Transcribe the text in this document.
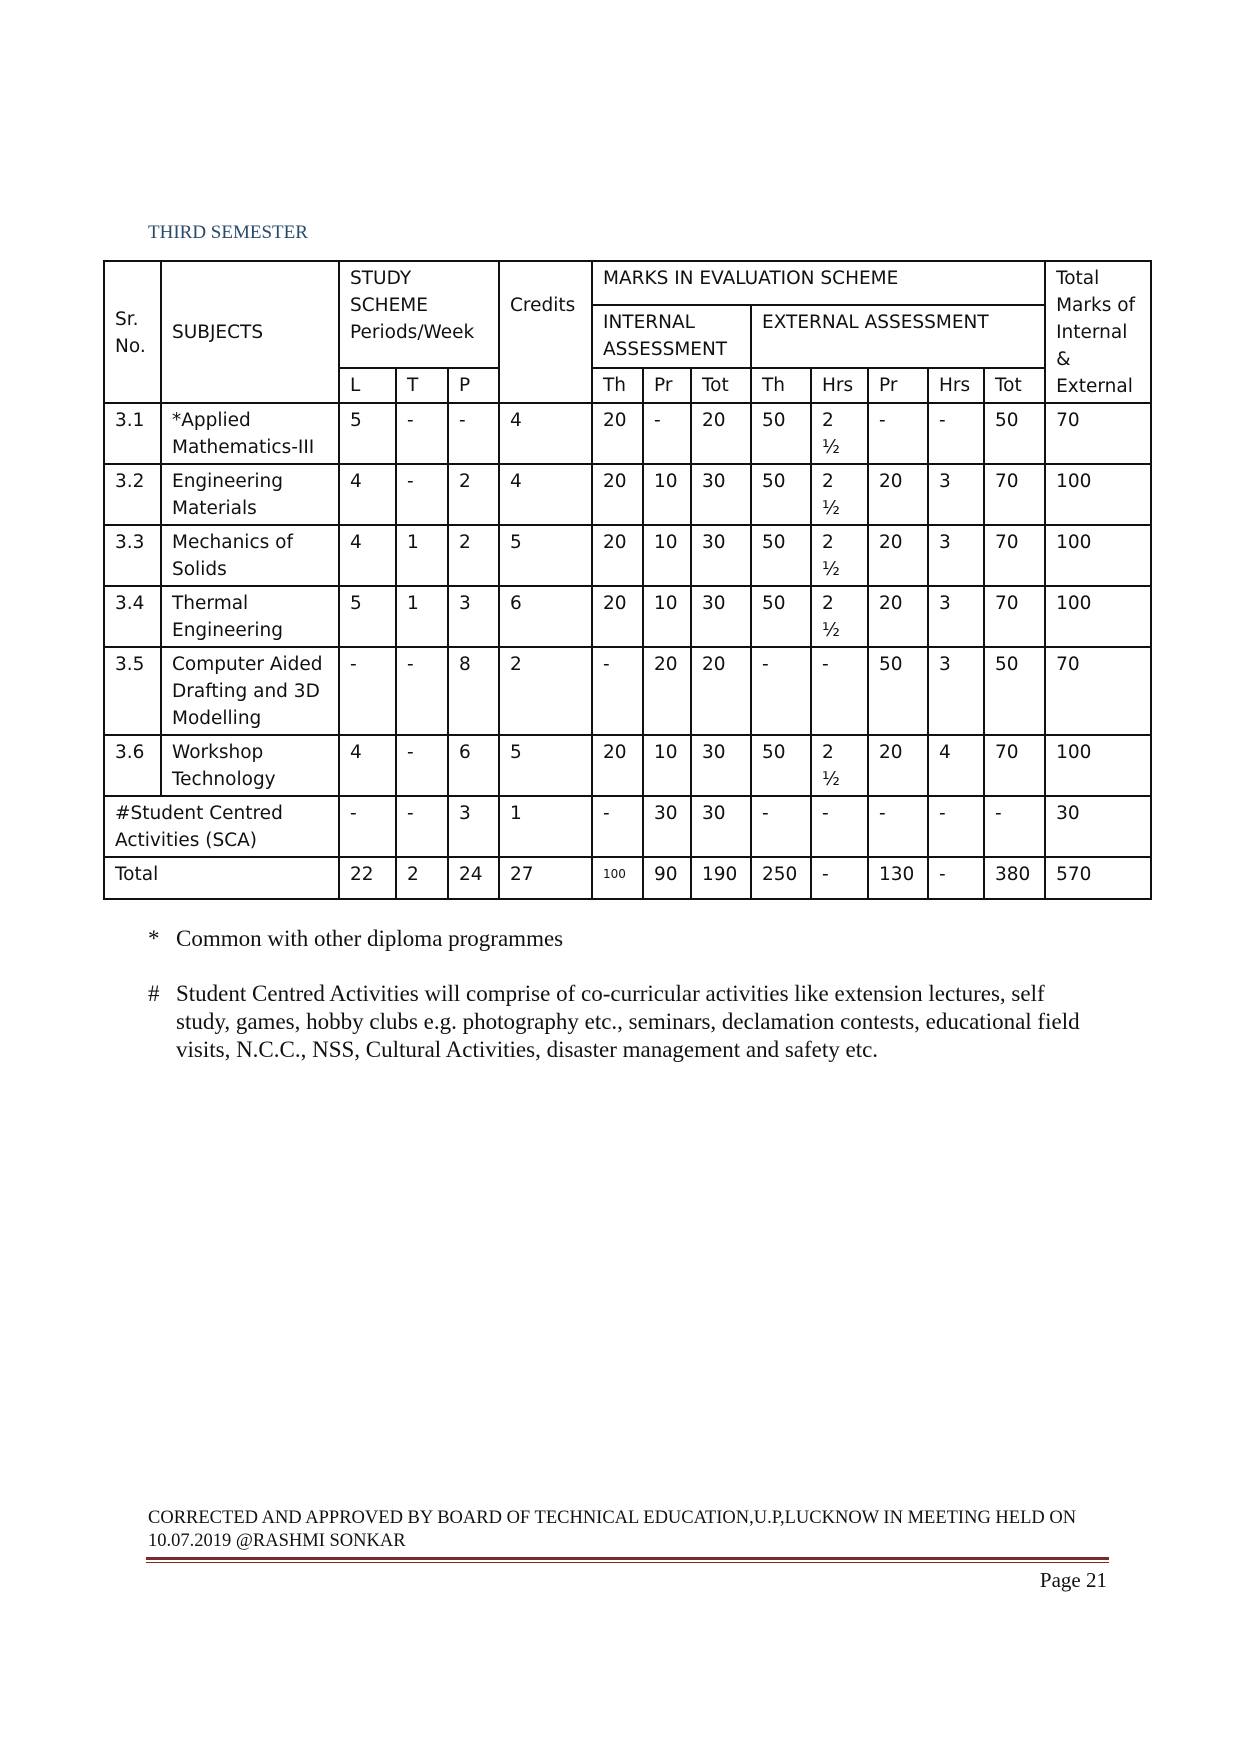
THIRD SEMESTER
Sr. No.	SUBJECTS	STUDY SCHEME Periods/Week			Credits	MARKS IN EVALUATION SCHEME								Total Marks of Internal & External
						INTERNAL ASSESSMENT			EXTERNAL ASSESSMENT					
		L	T	P		Th	Pr	Tot	Th	Hrs	Pr	Hrs	Tot	
3.1	*Applied Mathematics-III	5	-	-	4	20	-	20	50	2 ½	-	-	50	70
3.2	Engineering Materials	4	-	2	4	20	10	30	50	2 ½	20	3	70	100
3.3	Mechanics of Solids	4	1	2	5	20	10	30	50	2 ½	20	3	70	100
3.4	Thermal Engineering	5	1	3	6	20	10	30	50	2 ½	20	3	70	100
3.5	Computer Aided Drafting and 3D Modelling	-	-	8	2	-	20	20	-	-	50	3	50	70
3.6	Workshop Technology	4	-	6	5	20	10	30	50	2 ½	20	4	70	100
#Student Centred Activities (SCA)		-	-	3	1	-	30	30	-	-	-	-	-	30
Total		22	2	24	27	100	90	190	250	-	130	-	380	570
* Common with other diploma programmes
# Student Centred Activities will comprise of co-curricular activities like extension lectures, self study, games, hobby clubs e.g. photography etc., seminars, declamation contests, educational field visits, N.C.C., NSS, Cultural Activities, disaster management and safety etc.
CORRECTED AND APPROVED BY BOARD OF TECHNICAL EDUCATION,U.P,LUCKNOW IN MEETING HELD ON 10.07.2019 @RASHMI SONKAR
Page 21
